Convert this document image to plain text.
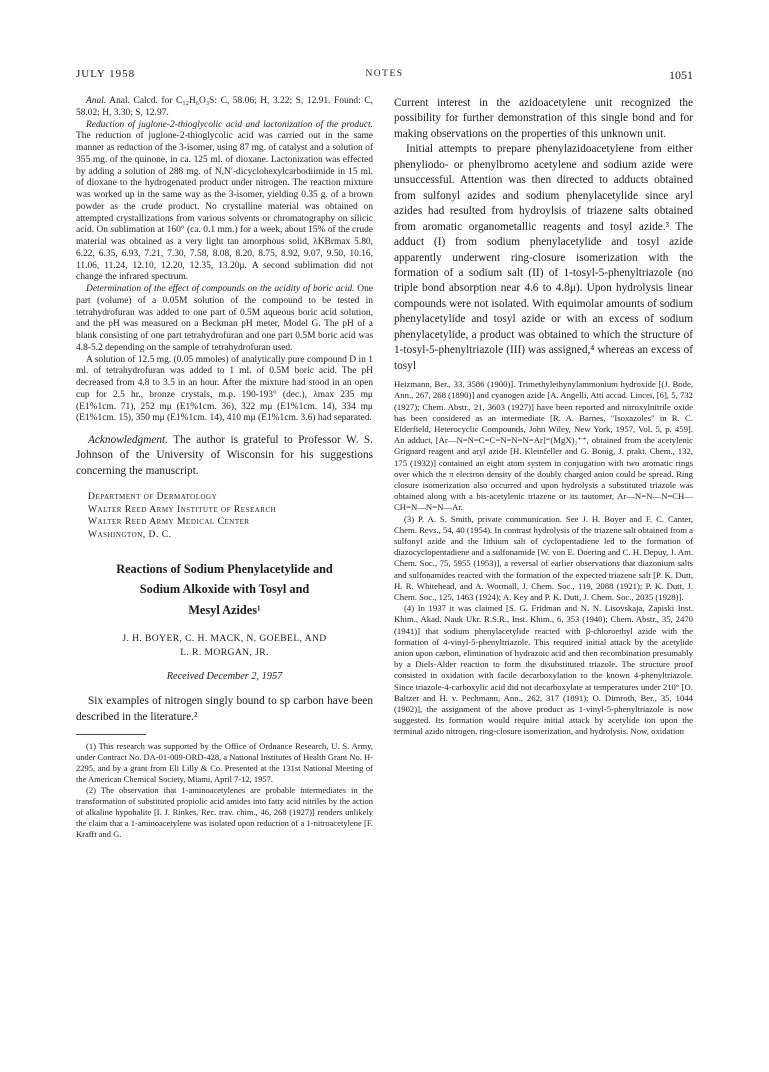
JULY 1958	NOTES	1051

Anal. Anal. Calcd. for C₁₂H₆O₃S: C, 58.06; H, 3.22; S, 12.91. Found: C, 58.02; H, 3.30; S, 12.97.

Reduction of juglone-2-thioglycolic acid and lactonization of the product. The reduction of juglone-2-thioglycolic acid was carried out in the same manner as reduction of the 3-isomer, using 87 mg. of catalyst and a solution of 355 mg. of the quinone, in ca. 125 ml. of dioxane. Lactonization was effected by adding a solution of 288 mg. of N,N′-dicyclohexylcarbodiimide in 15 ml. of dioxane to the hydrogenated product under nitrogen. The reaction mixture was worked up in the same way as the 3-isomer, yielding 0.35 g. of a brown powder as the crude product. No crystalline material was obtained on attempted crystallizations from various solvents or chromatography on silicic acid. On sublimation at 160° (ca. 0.1 mm.) for a week, about 15% of the crude material was obtained as a very light tan amorphous solid, λKBrmax 5.80, 6.22, 6.35, 6.93, 7.21, 7.30, 7.58, 8.08, 8.20, 8.75, 8.92, 9.07, 9.50, 10.16, 11.06, 11.24, 12.10, 12.20, 12.35, 13.20μ. A second sublimation did not change the infrared spectrum.

Determination of the effect of compounds on the acidity of boric acid. One part (volume) of a 0.05M solution of the compound to be tested in tetrahydrofuran was added to one part of 0.5M aqueous boric acid solution, and the pH was measured on a Beckman pH meter, Model G. The pH of a blank consisting of one part tetrahydrofuran and one part 0.5M boric acid was 4.8-5.2 depending on the sample of tetrahydrofuran used.

A solution of 12.5 mg. (0.05 mmoles) of analytically pure compound D in 1 ml. of tetrahydrofuran was added to 1 ml. of 0.5M boric acid. The pH decreased from 4.8 to 3.5 in an hour. After the mixture had stood in an open cup for 2.5 hr., bronze crystals, m.p. 190-193° (dec.), λmax 235 mμ (E1%1cm. 71), 252 mμ (E1%1cm. 36), 322 mμ (E1%1cm. 14), 334 mμ (E1%1cm. 15), 350 mμ (E1%1cm. 14), 410 mμ (E1%1cm. 3.6) had separated.

Acknowledgment. The author is grateful to Professor W. S. Johnson of the University of Wisconsin for his suggestions concerning the manuscript.

Department of Dermatology

Walter Reed Army Institute of Research

Walter Reed Army Medical Center

Washington, D. C.

Reactions of Sodium Phenylacetylide and

Sodium Alkoxide with Tosyl and

Mesyl Azides¹

J. H. BOYER, C. H. MACK, N. GOEBEL, AND

L. R. MORGAN, JR.

Received December 2, 1957

Six examples of nitrogen singly bound to sp carbon have been described in the literature.²

(1) This research was supported by the Office of Ordnance Research, U. S. Army, under Contract No. DA-01-009-ORD-428, a National Institutes of Health Grant No. H-2295, and by a grant from Eli Lilly & Co. Presented at the 131st National Meeting of the American Chemical Society, Miami, April 7-12, 1957.

(2) The observation that 1-aminoacetylenes are probable intermediates in the transformation of substituted propiolic acid amides into fatty acid nitriles by the action of alkaline hypohalite [I. J. Rinkes, Rec. trav. chim., 46, 268 (1927)] renders unlikely the claim that a 1-aminoacetylene was isolated upon reduction of a 1-nitroacetylene [F. Krafft and G.

Current interest in the azidoacetylene unit recognized the possibility for further demonstration of this single bond and for making observations on the properties of this unknown unit.

Initial attempts to prepare phenylazidoacetylene from either phenyliodo- or phenylbromo acetylene and sodium azide were unsuccessful. Attention was then directed to adducts obtained from sulfonyl azides and sodium phenylacetylide since aryl azides had resulted from hydroylsis of triazene salts obtained from aromatic organometallic reagents and tosyl azide.³ The adduct (I) from sodium phenylacetylide and tosyl azide apparently underwent ring-closure isomerization with the formation of a sodium salt (II) of 1-tosyl-5-phenyltriazole (no triple bond absorption near 4.6 to 4.8μ). Upon hydrolysis linear compounds were not isolated. With equimolar amounts of sodium phenylacetylide and tosyl azide or with an excess of sodium phenylacetylide, a product was obtained to which the structure of 1-tosyl-5-phenyltriazole (III) was assigned,⁴ whereas an excess of tosyl

Heizmann, Ber., 33, 3586 (1900)]. Trimethylethynylammonium hydroxide [(J. Bode, Ann., 267, 268 (1890)] and cyanogen azide [A. Angelli, Atti accad. Lincei, [6], 5, 732 (1927); Chem. Abstr., 21, 3603 (1927)] have been reported and nitroxylnitrile oxide has been considered as an intermediate [R. A. Barnes, "Isoxazoles" in R. C. Elderfield, Heterocyclic Compounds, John Wiley, New York, 1957, Vol. 5, p. 459]. An adduct, [Ar—N=N=C=C=N=N=N=Ar]⁼(MgX)₂⁺⁺, obtained from the acetylenic Grignard reagent and aryl azide [H. Kleinfeller and G. Bonig, J. prakt. Chem., 132, 175 (1932)] contained an eight atom system in conjugation with two aromatic rings over which the π electron density of the doubly charged anion could be spread. Ring closure isomerization also occurred and upon hydrolysis a substituted triazole was obtained along with a bis-acetylenic triazene or its tautomer, Ar—N=N—N=CH—CH=N—N=N—Ar.

(3) P. A. S. Smith, private communication. See J. H. Boyer and F. C. Canter, Chem. Revs., 54, 40 (1954). In contrast hydrolysis of the triazene salt obtained from a sulfonyl azide and the lithium salt of cyclopentadiene led to the formation of diazocyclopentadiene and a sulfonamide [W. von E. Doering and C. H. Depuy, J. Am. Chem. Soc., 75, 5955 (1953)], a reversal of earlier observations that diazonium salts and sulfonamides reacted with the formation of the expected triazene salt [P. K. Dutt, H. R. Whitehead, and A. Wormall, J. Chem. Soc., 119, 2088 (1921); P. K. Dutt, J. Chem. Soc., 125, 1463 (1924); A. Key and P. K. Dutt, J. Chem. Soc., 2035 (1928)].

(4) In 1937 it was claimed [S. G. Fridman and N. N. Lisovskaja, Zapiski Inst. Khim., Akad. Nauk Ukr. R.S.R., Inst. Khim., 6, 353 (1940); Chem. Abstr., 35, 2470 (1941)] that sodium phenylacetylide reacted with β-chloroethyl azide with the formation of 4-vinyl-5-phenyltriazole. This required initial attack by the acetylide anion upon carbon, elimination of hydrazoic acid and then recombination presumably by a Diels-Alder reaction to form the disubstituted triazole. The structure proof consisted in oxidation with facile decarboxylation to the known 4-phenyltriazole. Since triazole-4-carboxylic acid did not decarboxylate at temperatures under 210° [O. Baltzer and H. v. Pechmann, Ann., 262, 317 (1891); O. Dimroth, Ber., 35, 1044 (1902)], the assignment of the above product as 1-vinyl-5-phenyltriazole is now suggested. Its formation would require initial attack by acetylide ion upon the terminal azido nitrogen, ring-closure isomerization, and hydrolysis. Now, oxidation
